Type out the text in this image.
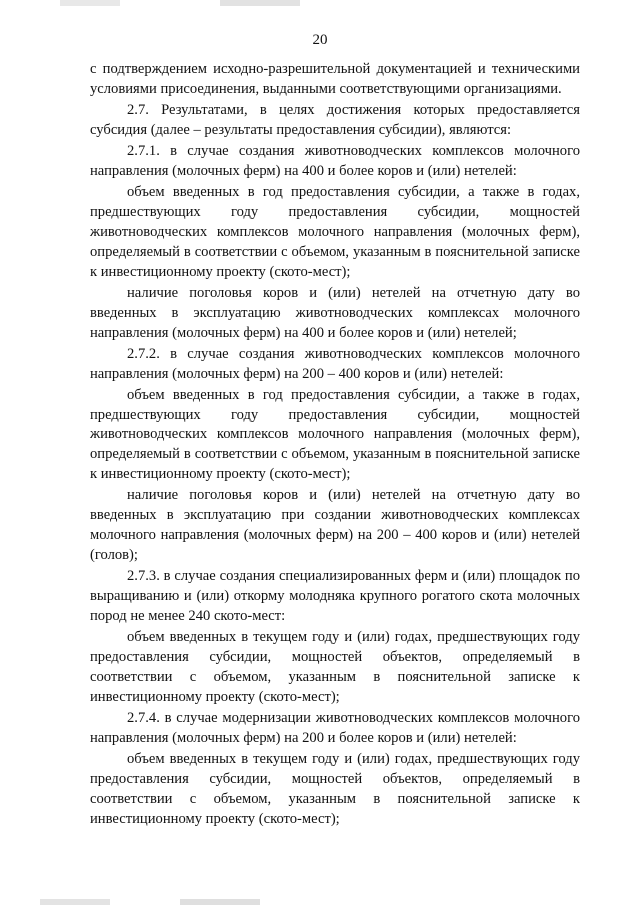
20

с подтверждением исходно-разрешительной документацией и техническими условиями присоединения, выданными соответствующими организациями.

2.7. Результатами, в целях достижения которых предоставляется субсидия (далее – результаты предоставления субсидии), являются:

2.7.1. в случае создания животноводческих комплексов молочного направления (молочных ферм) на 400 и более коров и (или) нетелей:

объем введенных в год предоставления субсидии, а также в годах, предшествующих году предоставления субсидии, мощностей животноводческих комплексов молочного направления (молочных ферм), определяемый в соответствии с объемом, указанным в пояснительной записке к инвестиционному проекту (ското-мест);

наличие поголовья коров и (или) нетелей на отчетную дату во введенных в эксплуатацию животноводческих комплексах молочного направления (молочных ферм) на 400 и более коров и (или) нетелей;

2.7.2. в случае создания животноводческих комплексов молочного направления (молочных ферм) на 200 – 400 коров и (или) нетелей:

объем введенных в год предоставления субсидии, а также в годах, предшествующих году предоставления субсидии, мощностей животноводческих комплексов молочного направления (молочных ферм), определяемый в соответствии с объемом, указанным в пояснительной записке к инвестиционному проекту (ското-мест);

наличие поголовья коров и (или) нетелей на отчетную дату во введенных в эксплуатацию при создании животноводческих комплексах молочного направления (молочных ферм) на 200 – 400 коров и (или) нетелей (голов);

2.7.3. в случае создания специализированных ферм и (или) площадок по выращиванию и (или) откорму молодняка крупного рогатого скота молочных пород не менее 240 ското-мест:

объем введенных в текущем году и (или) годах, предшествующих году предоставления субсидии, мощностей объектов, определяемый в соответствии с объемом, указанным в пояснительной записке к инвестиционному проекту (ското-мест);

2.7.4. в случае модернизации животноводческих комплексов молочного направления (молочных ферм) на 200 и более коров и (или) нетелей:

объем введенных в текущем году и (или) годах, предшествующих году предоставления субсидии, мощностей объектов, определяемый в соответствии с объемом, указанным в пояснительной записке к инвестиционному проекту (ското-мест);
